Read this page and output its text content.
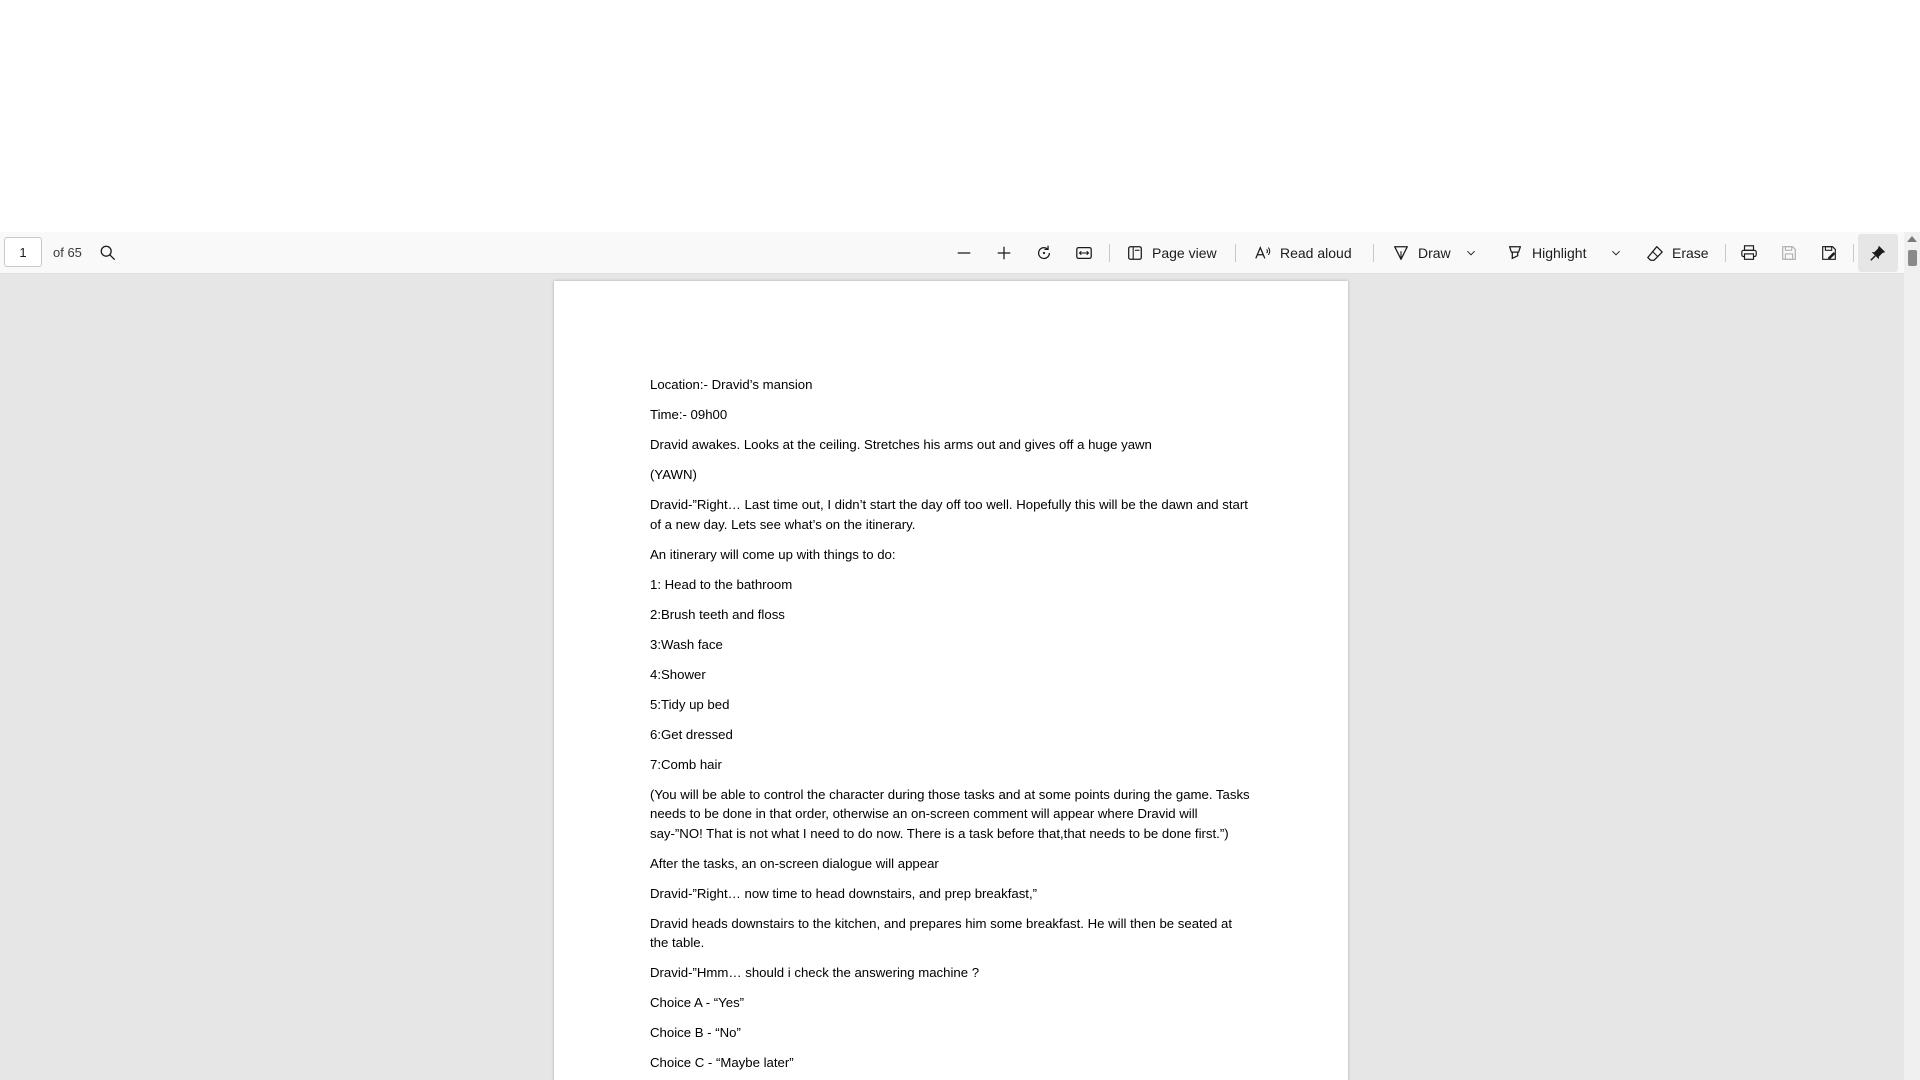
1
of 65	Page view	Read aloud	Draw	Highlight	Erase

Location:- Dravid’s mansion

Time:- 09h00

Dravid awakes. Looks at the ceiling. Stretches his arms out and gives off a huge yawn

(YAWN)

Dravid-”Right… Last time out, I didn’t start the day off too well. Hopefully this will be the dawn and start of a new day. Lets see what’s on the itinerary.

An itinerary will come up with things to do:

1: Head to the bathroom

2:Brush teeth and floss

3:Wash face

4:Shower

5:Tidy up bed

6:Get dressed

7:Comb hair

(You will be able to control the character during those tasks and at some points during the game. Tasks needs to be done in that order, otherwise an on-screen comment will appear where Dravid will say-”NO! That is not what I need to do now. There is a task before that,that needs to be done first.”)

After the tasks, an on-screen dialogue will appear

Dravid-”Right… now time to head downstairs, and prep breakfast,”

Dravid heads downstairs to the kitchen, and prepares him some breakfast. He will then be seated at the table.

Dravid-”Hmm… should i check the answering machine ?

Choice A - “Yes”

Choice B - “No”

Choice C - “Maybe later”
